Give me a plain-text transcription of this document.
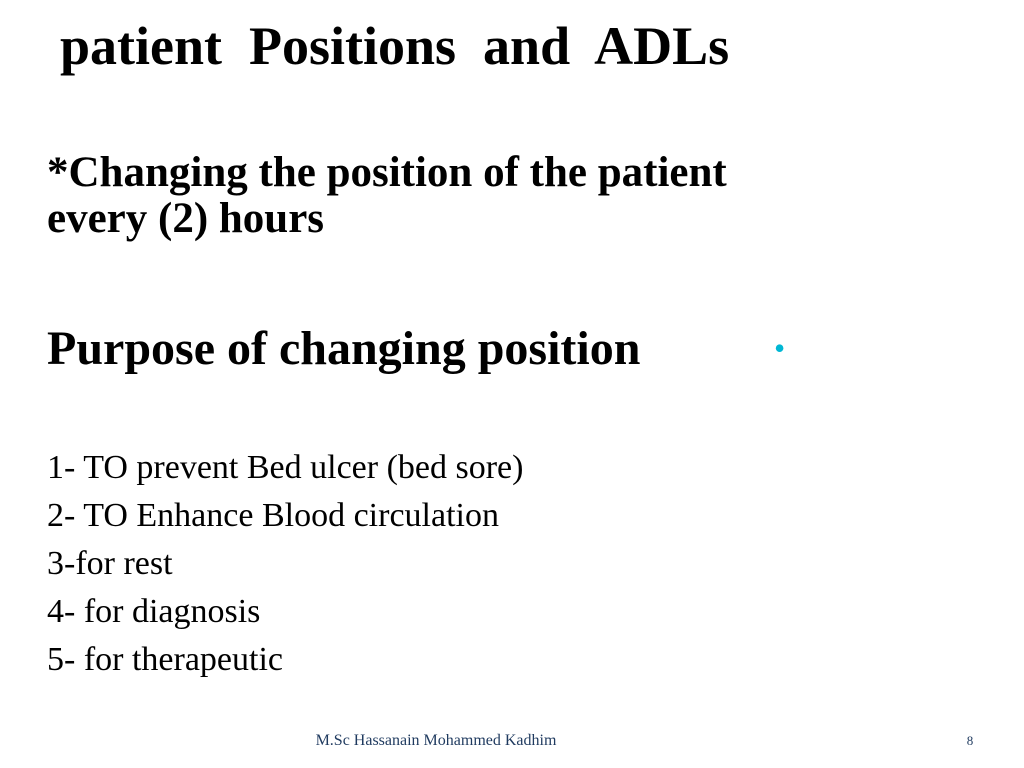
patient  Positions  and  ADLs

*Changing the position of the patient
every (2) hours

Purpose of changing position	•
1- TO prevent Bed ulcer (bed sore)
2- TO Enhance Blood circulation
3-for rest
4- for diagnosis
5- for therapeutic
M.Sc Hassanain Mohammed Kadhim	8
